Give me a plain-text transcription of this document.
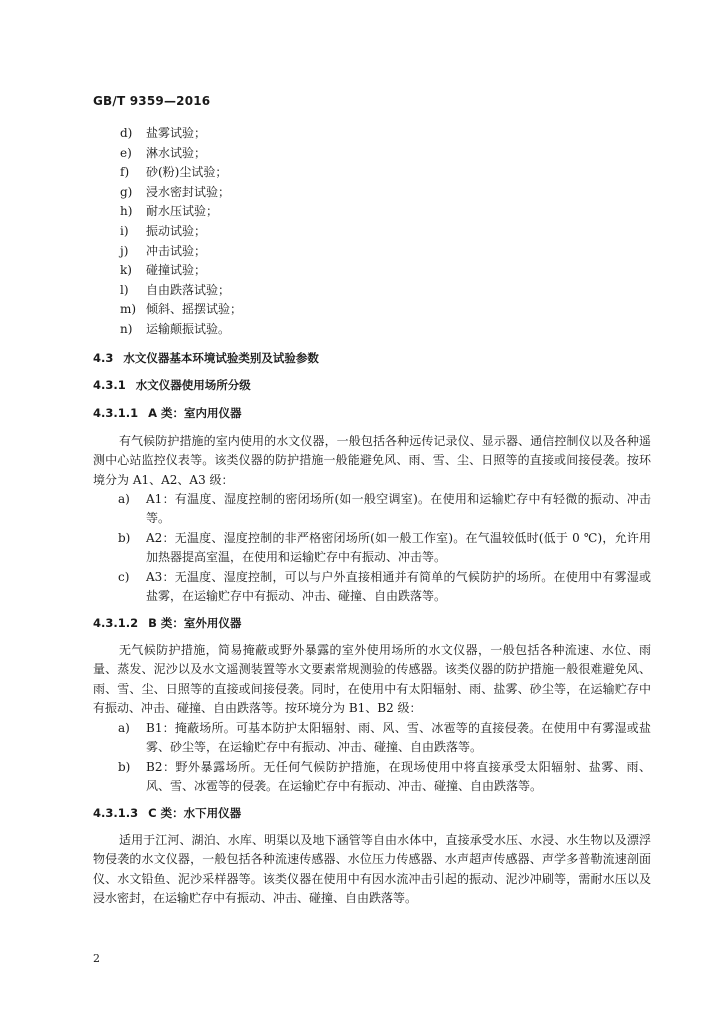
GB/T 9359—2016
d) 盐雾试验；
e) 淋水试验；
f) 砂(粉)尘试验；
g) 浸水密封试验；
h) 耐水压试验；
i) 振动试验；
j) 冲击试验；
k) 碰撞试验；
l) 自由跌落试验；
m) 倾斜、摇摆试验；
n) 运输颠振试验。
4.3 水文仪器基本环境试验类别及试验参数
4.3.1 水文仪器使用场所分级
4.3.1.1 A 类：室内用仪器
有气候防护措施的室内使用的水文仪器，一般包括各种远传记录仪、显示器、通信控制仪以及各种遥测中心站监控仪表等。该类仪器的防护措施一般能避免风、雨、雪、尘、日照等的直接或间接侵袭。按环境分为 A1、A2、A3 级：
a)	A1：有温度、湿度控制的密闭场所(如一般空调室)。在使用和运输贮存中有轻微的振动、冲击等。
b)	A2：无温度、湿度控制的非严格密闭场所(如一般工作室)。在气温较低时(低于 0 ℃)，允许用加热器提高室温，在使用和运输贮存中有振动、冲击等。
c)	A3：无温度、湿度控制，可以与户外直接相通并有简单的气候防护的场所。在使用中有雾湿或盐雾，在运输贮存中有振动、冲击、碰撞、自由跌落等。
4.3.1.2 B 类：室外用仪器
无气候防护措施，简易掩蔽或野外暴露的室外使用场所的水文仪器，一般包括各种流速、水位、雨量、蒸发、泥沙以及水文遥测装置等水文要素常规测验的传感器。该类仪器的防护措施一般很难避免风、雨、雪、尘、日照等的直接或间接侵袭。同时，在使用中有太阳辐射、雨、盐雾、砂尘等，在运输贮存中有振动、冲击、碰撞、自由跌落等。按环境分为 B1、B2 级：
a)	B1：掩蔽场所。可基本防护太阳辐射、雨、风、雪、冰雹等的直接侵袭。在使用中有雾湿或盐雾、砂尘等，在运输贮存中有振动、冲击、碰撞、自由跌落等。
b)	B2：野外暴露场所。无任何气候防护措施，在现场使用中将直接承受太阳辐射、盐雾、雨、风、雪、冰雹等的侵袭。在运输贮存中有振动、冲击、碰撞、自由跌落等。
4.3.1.3 C 类：水下用仪器
适用于江河、湖泊、水库、明渠以及地下涵管等自由水体中，直接承受水压、水浸、水生物以及漂浮物侵袭的水文仪器，一般包括各种流速传感器、水位压力传感器、水声超声传感器、声学多普勒流速剖面仪、水文铅鱼、泥沙采样器等。该类仪器在使用中有因水流冲击引起的振动、泥沙冲刷等，需耐水压以及浸水密封，在运输贮存中有振动、冲击、碰撞、自由跌落等。
2
